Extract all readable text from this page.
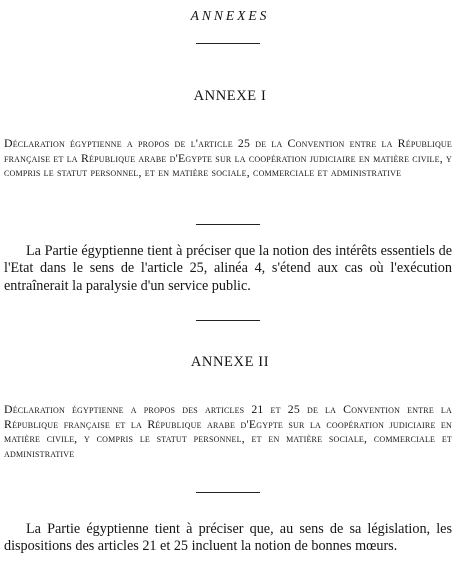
ANNEXES
ANNEXE I
Déclaration égyptienne a propos de l'article 25 de la Convention entre la République française et la République arabe d'Egypte sur la coopération judiciaire en matière civile, y compris le statut personnel, et en matière sociale, commerciale et administrative
La Partie égyptienne tient à préciser que la notion des intérêts essentiels de l'Etat dans le sens de l'article 25, alinéa 4, s'étend aux cas où l'exécution entraînerait la paralysie d'un service public.
ANNEXE II
Déclaration égyptienne a propos des articles 21 et 25 de la Convention entre la République française et la République arabe d'Egypte sur la coopération judiciaire en matière civile, y compris le statut personnel, et en matière sociale, commerciale et administrative
La Partie égyptienne tient à préciser que, au sens de sa législation, les dispositions des articles 21 et 25 incluent la notion de bonnes mœurs.
